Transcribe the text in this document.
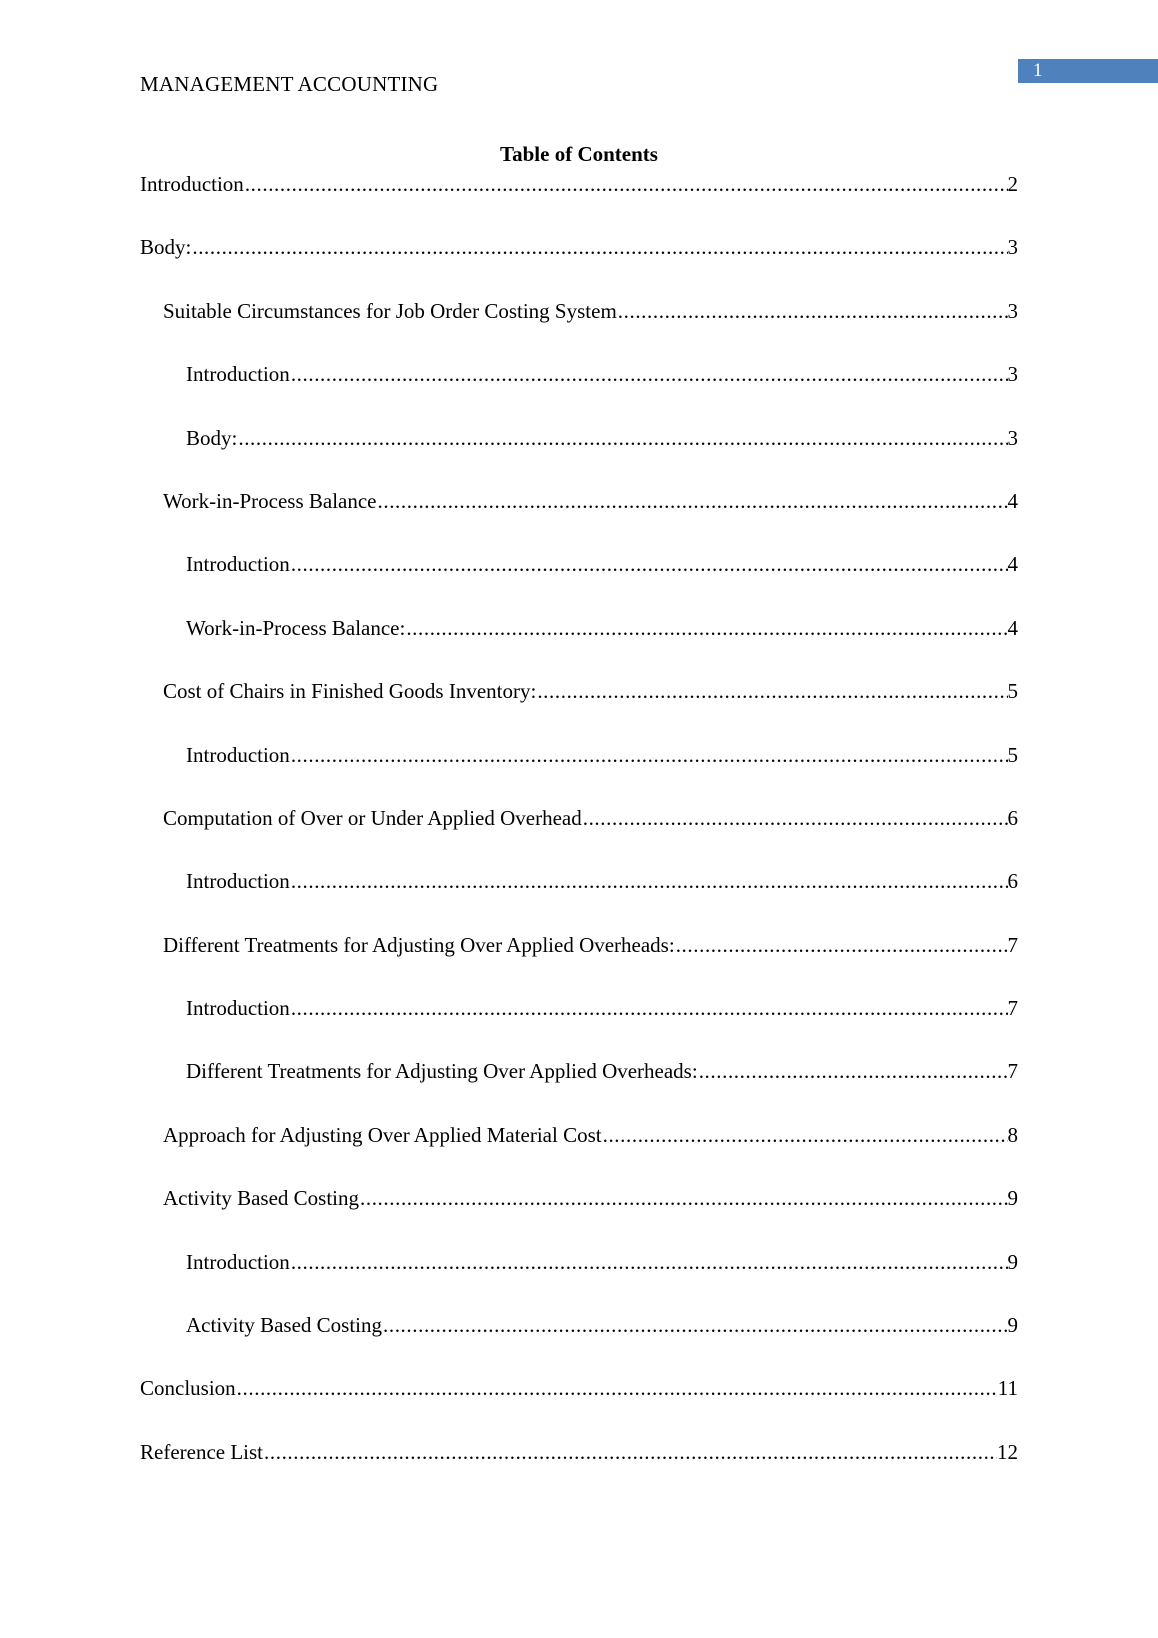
1
MANAGEMENT ACCOUNTING
Table of Contents
Introduction .....	2
Body: .....	3
Suitable Circumstances for Job Order Costing System .....	3
Introduction .....	3
Body: .....	3
Work-in-Process Balance .....	4
Introduction .....	4
Work-in-Process Balance: .....	4
Cost of Chairs in Finished Goods Inventory: .....	5
Introduction .....	5
Computation of Over or Under Applied Overhead .....	6
Introduction .....	6
Different Treatments for Adjusting Over Applied Overheads: .....	7
Introduction .....	7
Different Treatments for Adjusting Over Applied Overheads: .....	7
Approach for Adjusting Over Applied Material Cost .....	8
Activity Based Costing .....	9
Introduction .....	9
Activity Based Costing .....	9
Conclusion .....	11
Reference List .....	12
